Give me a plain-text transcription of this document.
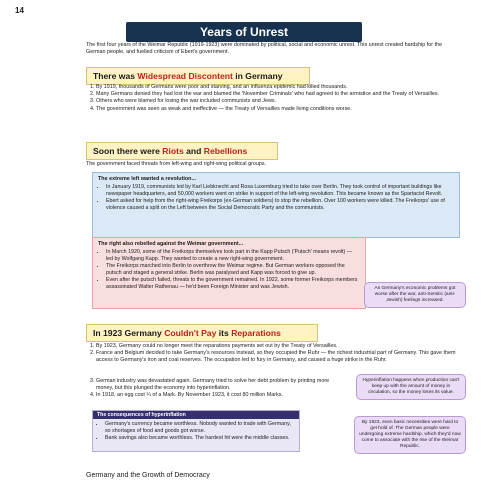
14
Years of Unrest
The first four years of the Weimar Republic (1919-1923) were dominated by political, social and economic unrest. This unrest created hardship for the German people, and fuelled criticism of Ebert's government.
There was Widespread Discontent in Germany
1. By 1919, thousands of Germans were poor and starving, and an influenza epidemic had killed thousands.
2. Many Germans denied they had lost the war and blamed the 'November Criminals' who had agreed to the armistice and the Treaty of Versailles.
3. Others who were blamed for losing the war included communists and Jews.
4. The government was seen as weak and ineffective — the Treaty of Versailles made living conditions worse.
Soon there were Riots and Rebellions
The government faced threats from left-wing and right-wing political groups.
The extreme left wanted a revolution...
• In January 1919, communists led by Karl Liebknecht and Rosa Luxemburg tried to take over Berlin. They took control of important buildings like newspaper headquarters, and 50,000 workers went on strike in support of the left-wing revolution. This became known as the Spartacist Revolt.
• Ebert asked for help from the right-wing Freikorps (ex-German soldiers) to stop the rebellion. Over 100 workers were killed. The Freikorps' use of violence caused a split on the Left between the Social Democratic Party and the communists.
The right also rebelled against the Weimar government...
• In March 1920, some of the Freikorps themselves took part in the Kapp Putsch ('Putsch' means revolt) — led by Wolfgang Kapp. They wanted to create a new right-wing government.
• The Freikorps marched into Berlin to overthrow the Weimar regime. But German workers opposed the putsch and staged a general strike. Berlin was paralysed and Kapp was forced to give up.
• Even after the putsch failed, threats to the government remained. In 1922, some former Freikorps members assassinated Walter Rathenau — he'd been Foreign Minister and was Jewish.	As Germany's economic problems got worse after the war, anti-Semitic (anti-Jewish) feelings increased.
In 1923 Germany Couldn't Pay its Reparations
1. By 1923, Germany could no longer meet the reparations payments set out by the Treaty of Versailles.
2. France and Belgium decided to take Germany's resources instead, so they occupied the Ruhr — the richest industrial part of Germany. This gave them access to Germany's iron and coal reserves. The occupation led to fury in Germany, and caused a huge strike in the Ruhr.
3. German industry was devastated again. Germany tried to solve her debt problem by printing more money, but this plunged the economy into hyperinflation.
4. In 1918, an egg cost ¼ of a Mark. By November 1923, it cost 80 million Marks.
Hyperinflation happens when production can't keep up with the amount of money in circulation, so the money loses its value.
The consequences of hyperinflation
• Germany's currency became worthless. Nobody wanted to trade with Germany, so shortages of food and goods got worse.
• Bank savings also became worthless. The hardest hit were the middle classes.
By 1923, even basic necessities were hard to get hold of. The German people were undergoing extreme hardship, which they'd now come to associate with the rise of the Weimar Republic.
Germany and the Growth of Democracy
